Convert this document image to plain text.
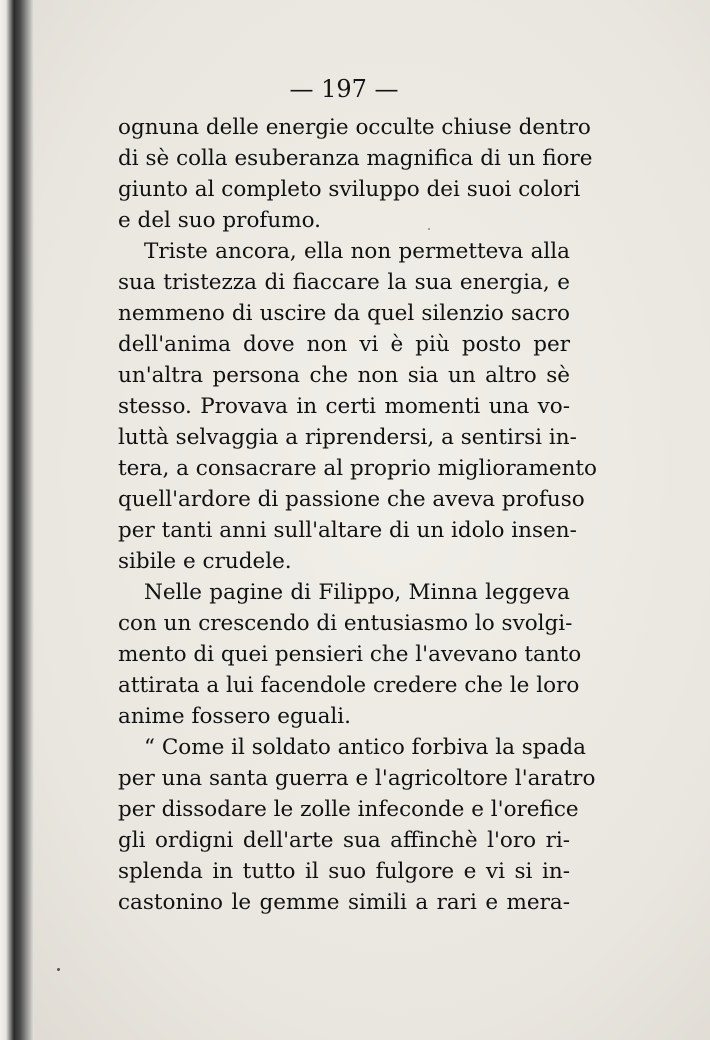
— 197 —
ognuna delle energie occulte chiuse dentro
di sè colla esuberanza magnifica di un fiore
giunto al completo sviluppo dei suoi colori
e del suo profumo.
Triste ancora, ella non permetteva alla
sua tristezza di fiaccare la sua energia, e
nemmeno di uscire da quel silenzio sacro
dell'anima dove non vi è più posto per
un'altra persona che non sia un altro sè
stesso. Provava in certi momenti una vo-
luttà selvaggia a riprendersi, a sentirsi in-
tera, a consacrare al proprio miglioramento
quell'ardore di passione che aveva profuso
per tanti anni sull'altare di un idolo insen-
sibile e crudele.
Nelle pagine di Filippo, Minna leggeva
con un crescendo di entusiasmo lo svolgi-
mento di quei pensieri che l'avevano tanto
attirata a lui facendole credere che le loro
anime fossero eguali.
“ Come il soldato antico forbiva la spada
per una santa guerra e l'agricoltore l'aratro
per dissodare le zolle infeconde e l'orefice
gli ordigni dell'arte sua affinchè l'oro ri-
splenda in tutto il suo fulgore e vi si in-
castonino le gemme simili a rari e mera-
